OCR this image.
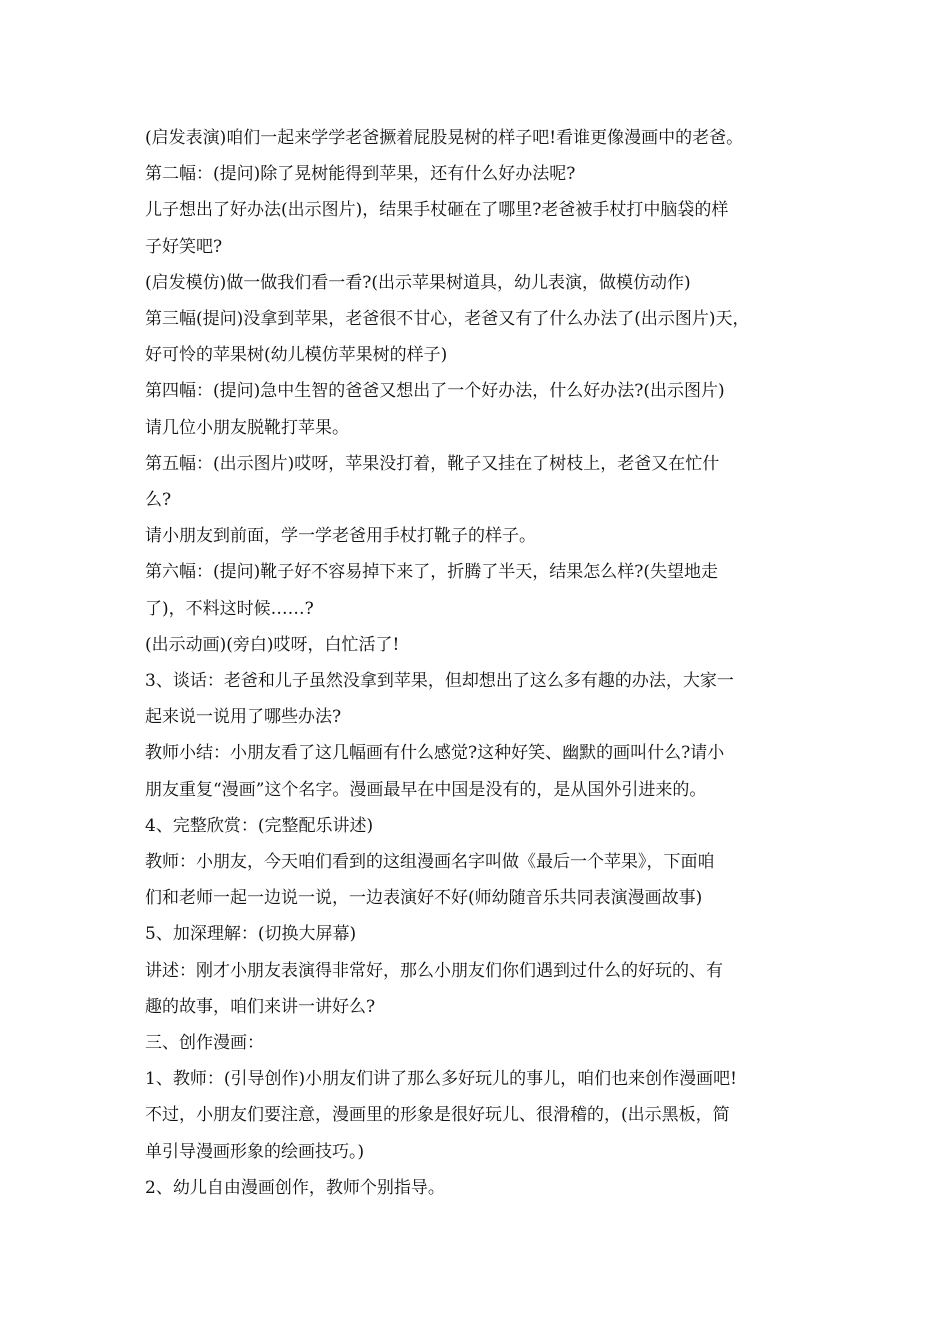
(启发表演)咱们一起来学学老爸撅着屁股晃树的样子吧!看谁更像漫画中的老爸。
第二幅：(提问)除了晃树能得到苹果，还有什么好办法呢?
儿子想出了好办法(出示图片)，结果手杖砸在了哪里?老爸被手杖打中脑袋的样
子好笑吧?
(启发模仿)做一做我们看一看?(出示苹果树道具，幼儿表演，做模仿动作)
第三幅(提问)没拿到苹果，老爸很不甘心，老爸又有了什么办法了(出示图片)天，
好可怜的苹果树(幼儿模仿苹果树的样子)
第四幅：(提问)急中生智的爸爸又想出了一个好办法，什么好办法?(出示图片)
请几位小朋友脱靴打苹果。
第五幅：(出示图片)哎呀，苹果没打着，靴子又挂在了树枝上，老爸又在忙什
么?
请小朋友到前面，学一学老爸用手杖打靴子的样子。
第六幅：(提问)靴子好不容易掉下来了，折腾了半天，结果怎么样?(失望地走
了)，不料这时候……?
(出示动画)(旁白)哎呀，白忙活了!
3、谈话：老爸和儿子虽然没拿到苹果，但却想出了这么多有趣的办法，大家一
起来说一说用了哪些办法?
教师小结：小朋友看了这几幅画有什么感觉?这种好笑、幽默的画叫什么?请小
朋友重复“漫画”这个名字。漫画最早在中国是没有的，是从国外引进来的。
4、完整欣赏：(完整配乐讲述)
教师：小朋友，今天咱们看到的这组漫画名字叫做《最后一个苹果》，下面咱
们和老师一起一边说一说，一边表演好不好(师幼随音乐共同表演漫画故事)
5、加深理解：(切换大屏幕)
讲述：刚才小朋友表演得非常好，那么小朋友们你们遇到过什么的好玩的、有
趣的故事，咱们来讲一讲好么?
三、创作漫画：
1、教师：(引导创作)小朋友们讲了那么多好玩儿的事儿，咱们也来创作漫画吧!
不过，小朋友们要注意，漫画里的形象是很好玩儿、很滑稽的，(出示黑板，简
单引导漫画形象的绘画技巧。)
2、幼儿自由漫画创作，教师个别指导。
